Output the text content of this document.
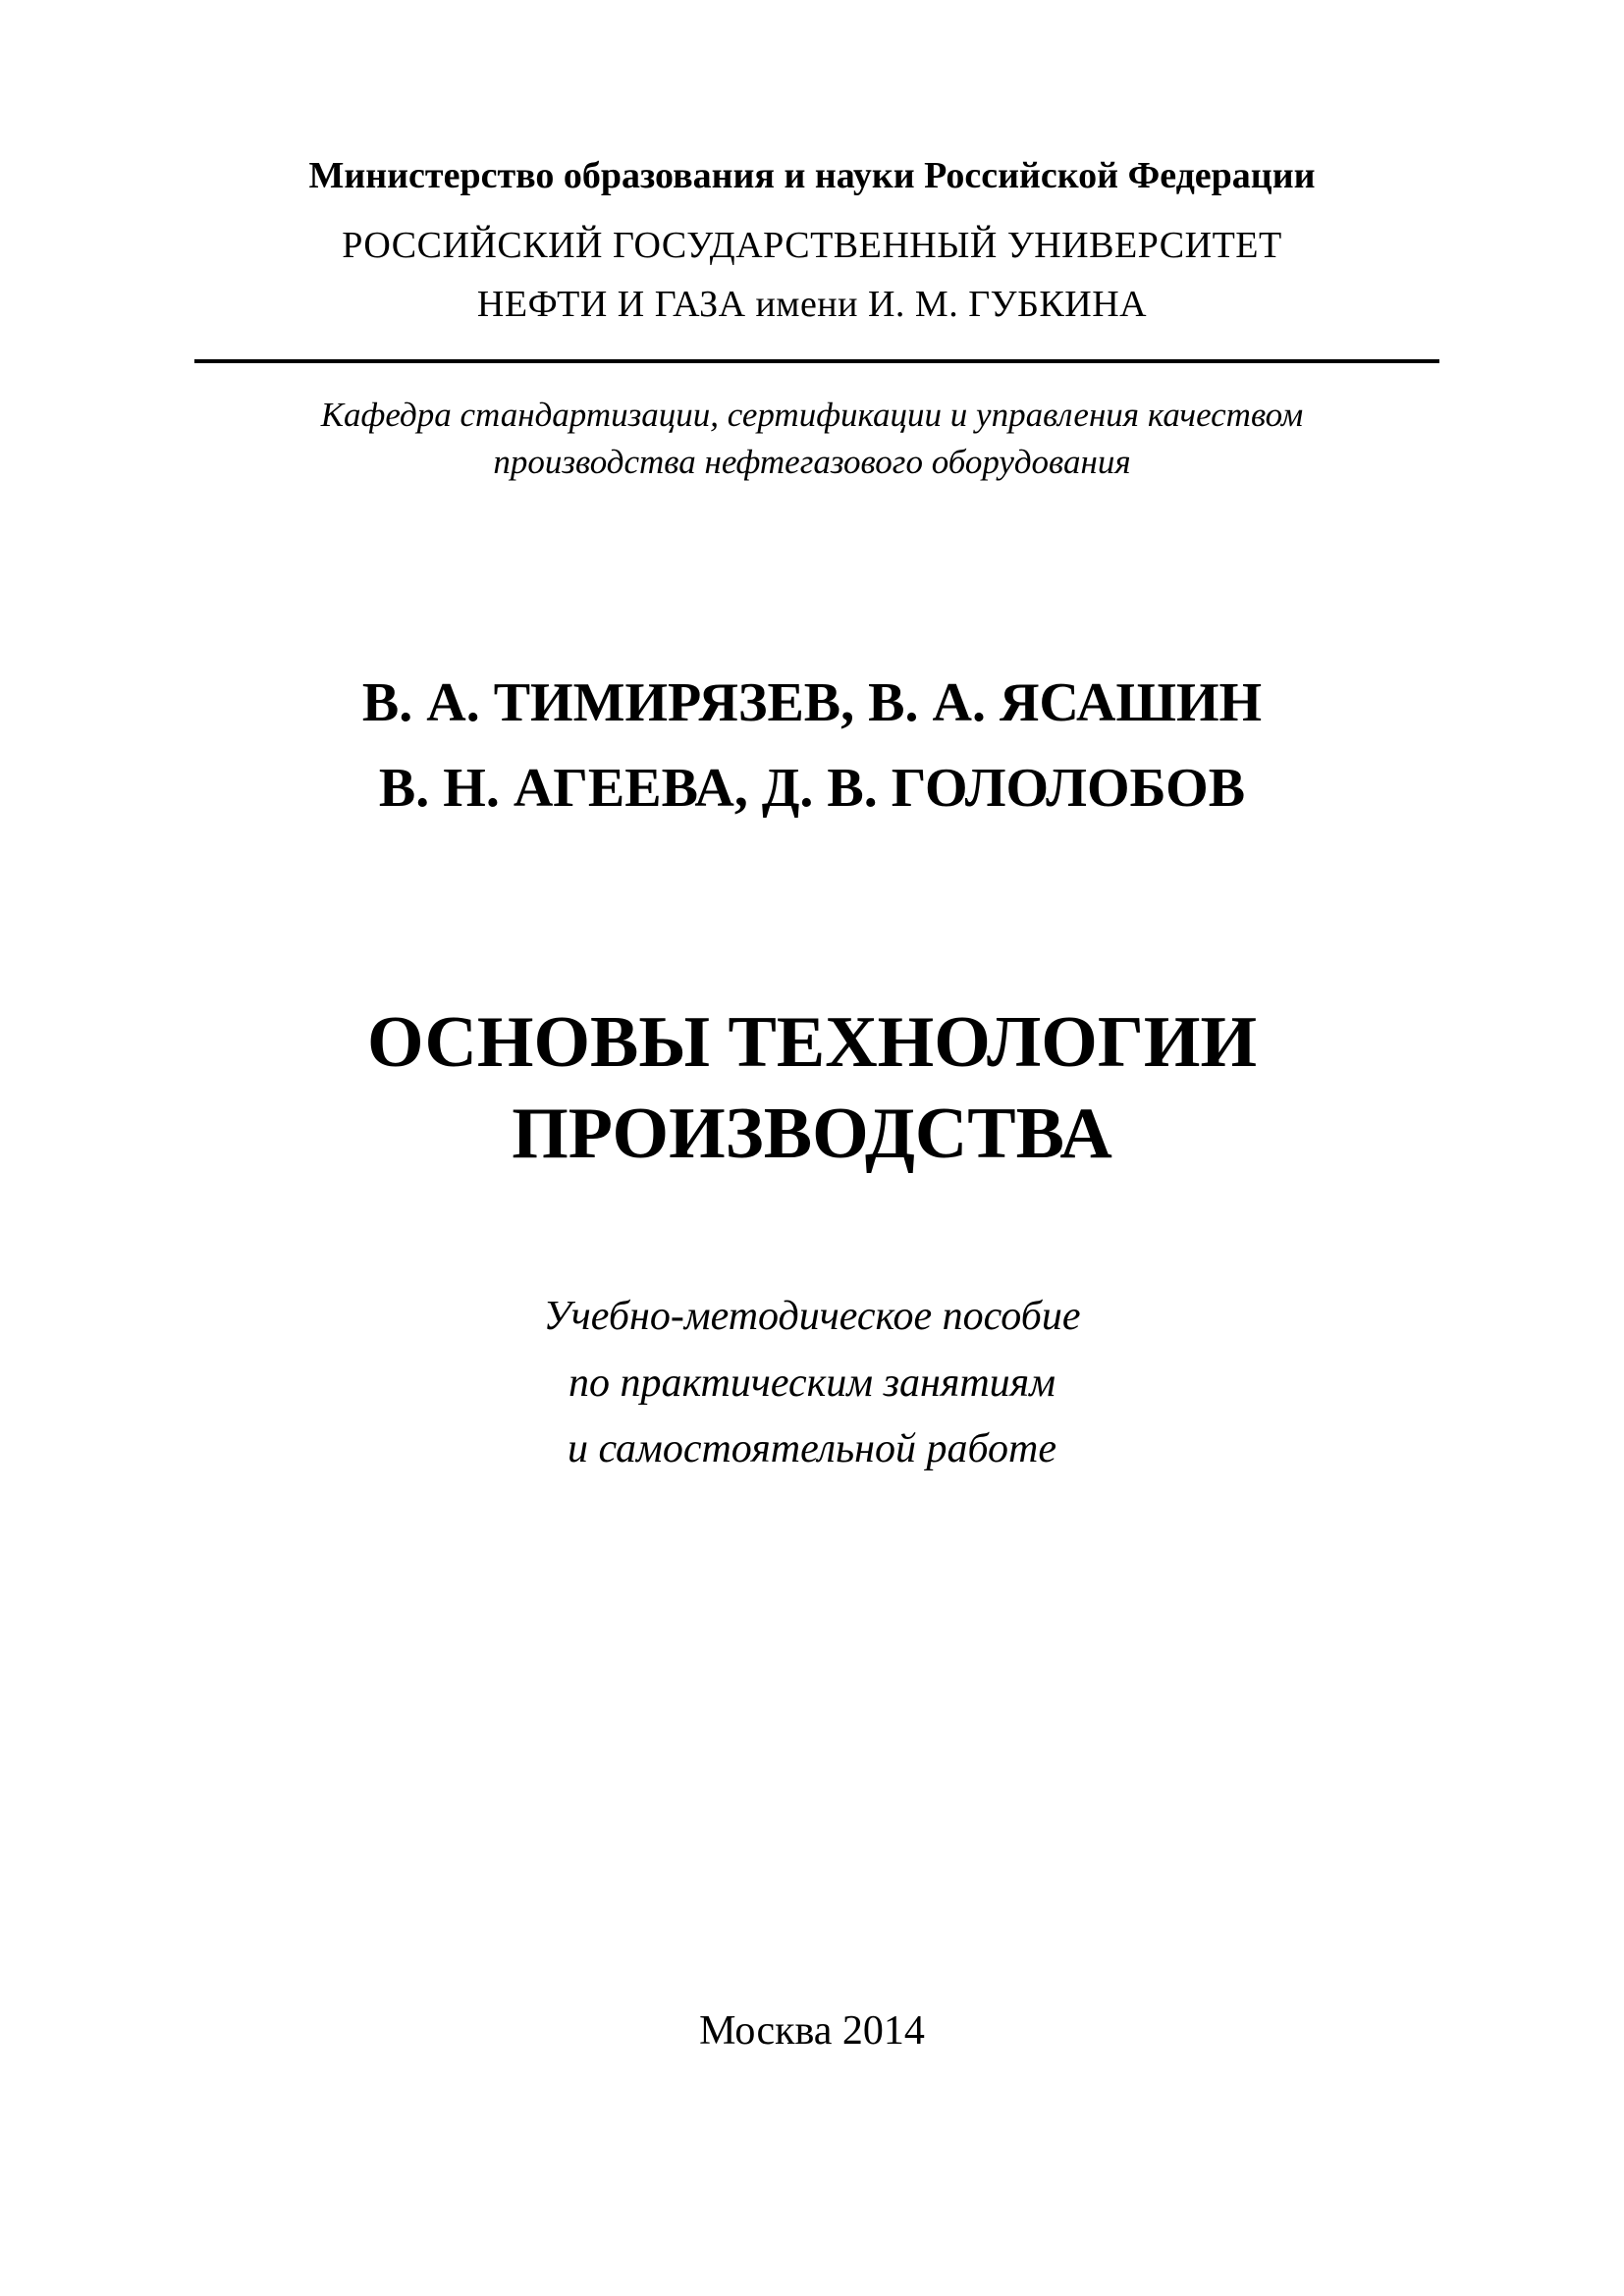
Министерство образования и науки Российской Федерации
РОССИЙСКИЙ ГОСУДАРСТВЕННЫЙ УНИВЕРСИТЕТ
НЕФТИ И ГАЗА имени И. М. ГУБКИНА
Кафедра стандартизации, сертификации и управления качеством
производства нефтегазового оборудования
В. А. ТИМИРЯЗЕВ, В. А. ЯСАШИН
В. Н. АГЕЕВА, Д. В. ГОЛОЛОБОВ
ОСНОВЫ ТЕХНОЛОГИИ
ПРОИЗВОДСТВА
Учебно-методическое пособие
по практическим занятиям
и самостоятельной работе
Москва 2014
